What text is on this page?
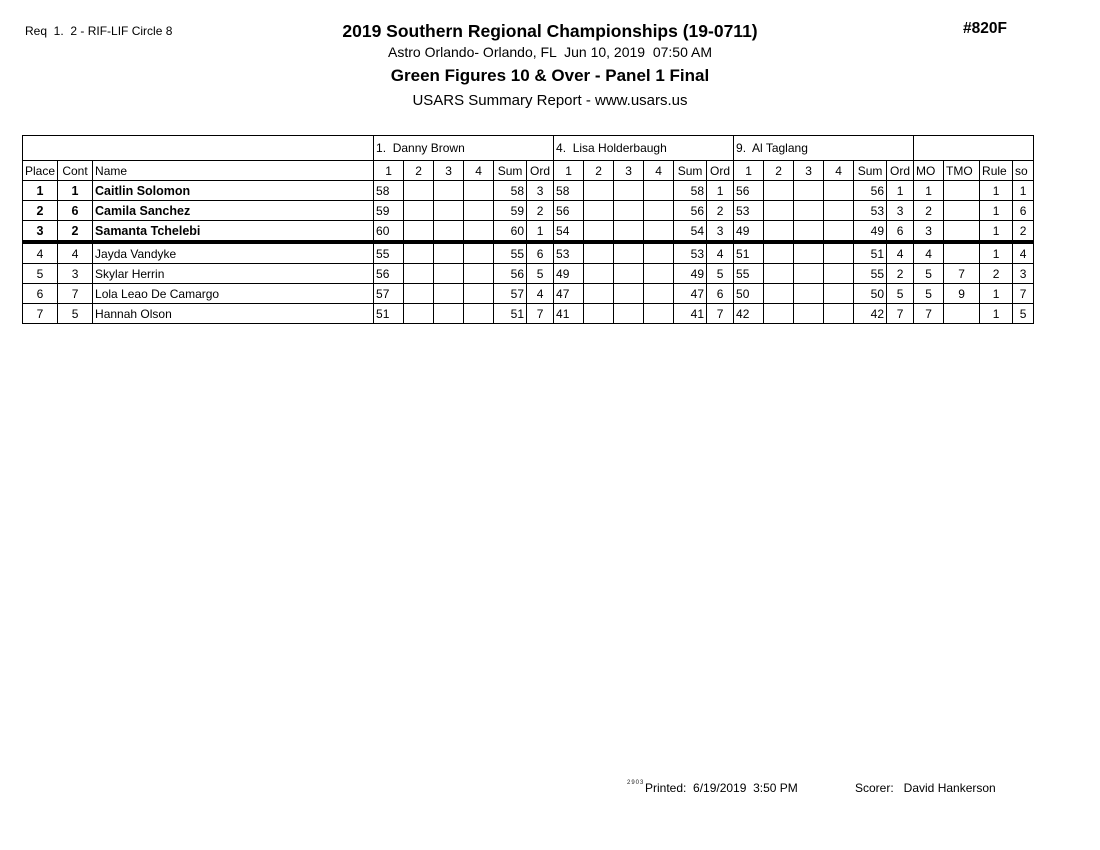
Req  1.  2 - RIF-LIF Circle 8	#820F
2019 Southern Regional Championships (19-0711)
Astro Orlando- Orlando, FL  Jun 10, 2019  07:50 AM
Green Figures 10 & Over - Panel 1 Final
USARS Summary Report - www.usars.us
			1.  Danny Brown						4.  Lisa Holderbaugh						9.  Al Taglang									
Place	Cont	Name	1	2	3	4	Sum	Ord	1	2	3	4	Sum	Ord	1	2	3	4	Sum	Ord	MO	TMO	Rule	so
1	1	Caitlin Solomon	58				58	3	58				58	1	56				56	1	1		1	1
2	6	Camila Sanchez	59				59	2	56				56	2	53				53	3	2		1	6
3	2	Samanta Tchelebi	60				60	1	54				54	3	49				49	6	3		1	2
4	4	Jayda Vandyke	55				55	6	53				53	4	51				51	4	4		1	4
5	3	Skylar Herrin	56				56	5	49				49	5	55				55	2	5	7	2	3
6	7	Lola Leao De Camargo	57				57	4	47				47	6	50				50	5	5	9	1	7
7	5	Hannah Olson	51				51	7	41				41	7	42				42	7	7		1	5
2903 Printed:  6/19/2019  3:50 PM	Scorer:   David Hankerson
